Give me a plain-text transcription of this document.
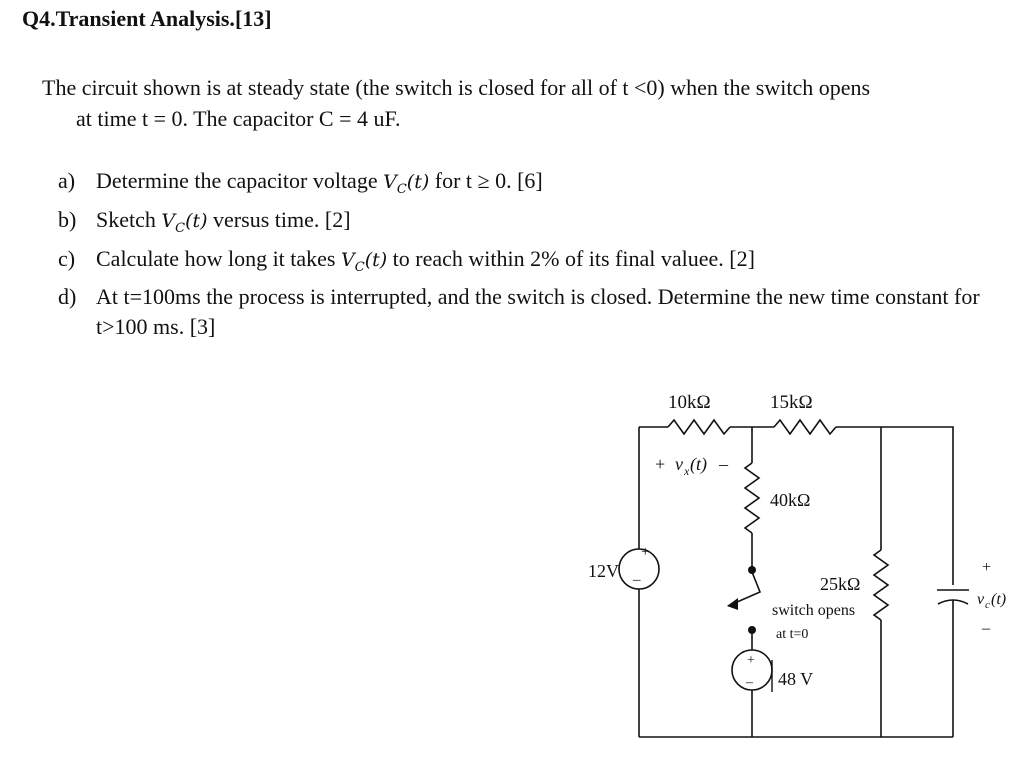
Q4.Transient Analysis.[13]

The circuit shown is at steady state (the switch is closed for all of t <0) when the switch opens
at time t = 0. The capacitor C = 4 uF.

a) Determine the capacitor voltage $V_C(t)$ for t ≥ 0. [6]
b) Sketch $V_C(t)$ versus time. [2]
c) Calculate how long it takes $V_C(t)$ to reach within 2% of its final valuee. [2]
d) At t=100ms the process is interrupted, and the switch is closed. Determine the new time constant for t>100 ms. [3]
10kΩ	15kΩ
40kΩ
25kΩ
+ v x (t) –
12V
+
–
48 V
+
–
switch opens
at t=0
+
v c (t)
–
